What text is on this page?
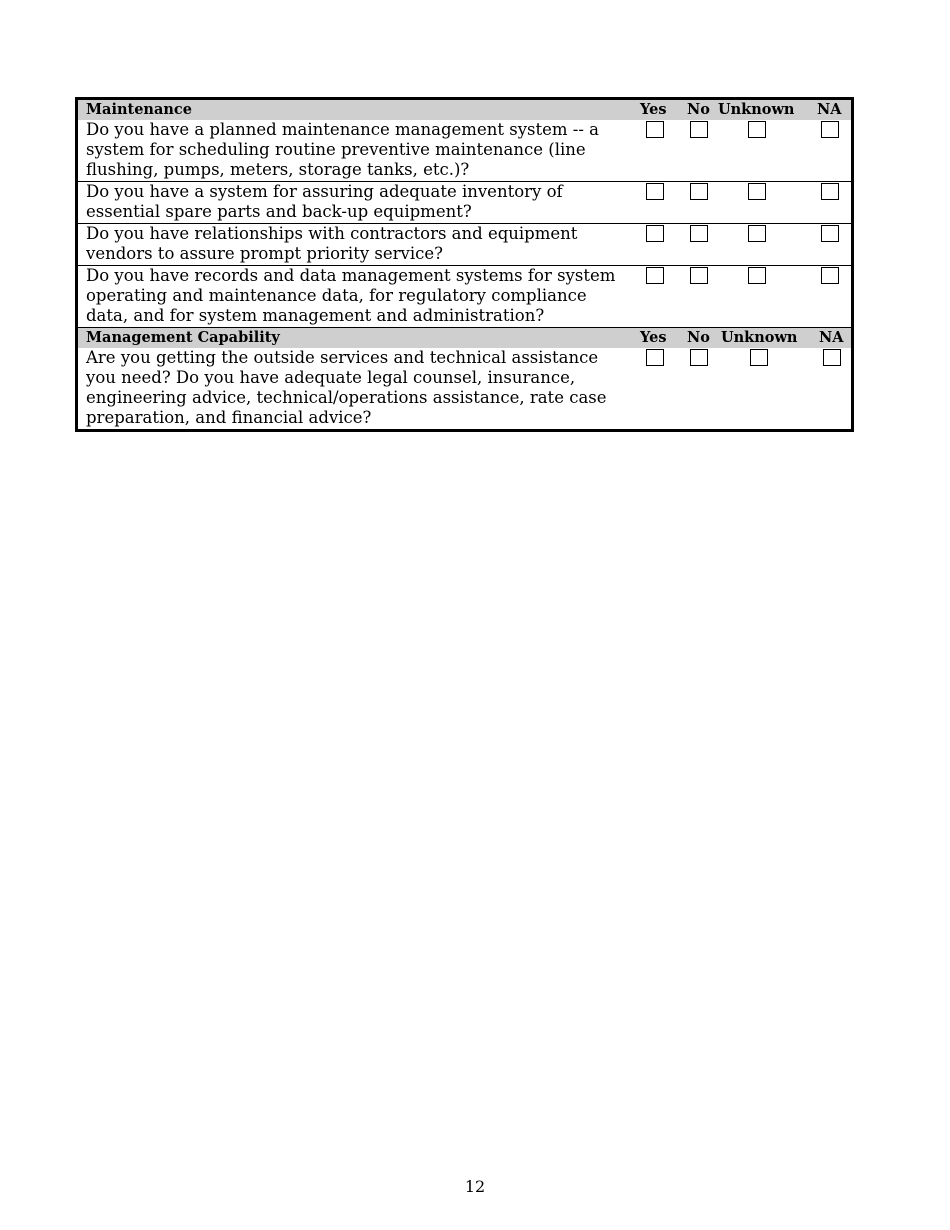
Maintenance	Yes No Unknown NA
Do you have a planned maintenance management system -- a system for scheduling routine preventive maintenance (line flushing, pumps, meters, storage tanks, etc.)?
Do you have a system for assuring adequate inventory of essential spare parts and back-up equipment?
Do you have relationships with contractors and equipment vendors to assure prompt priority service?
Do you have records and data management systems for system operating and maintenance data, for regulatory compliance data, and for system management and administration?
Management Capability	Yes No Unknown NA
Are you getting the outside services and technical assistance you need? Do you have adequate legal counsel, insurance, engineering advice, technical/operations assistance, rate case preparation, and financial advice?
12
